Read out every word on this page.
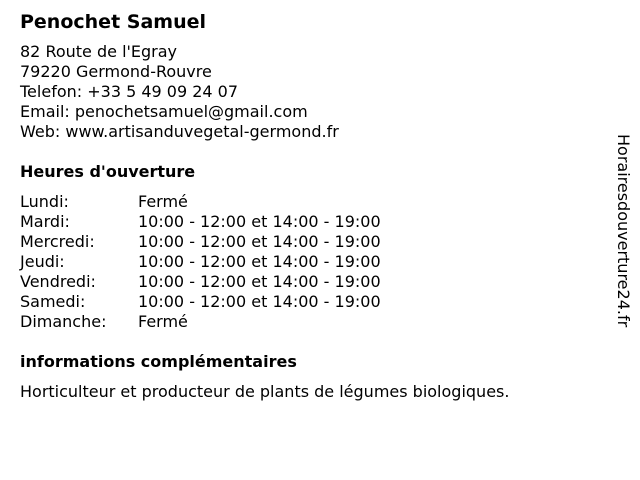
Penochet Samuel
82 Route de l'Egray
79220 Germond-Rouvre
Telefon: +33 5 49 09 24 07
Email: penochetsamuel@gmail.com
Web: www.artisanduvegetal-germond.fr
Heures d'ouverture
Lundi:	Fermé
Mardi:	10:00 - 12:00 et 14:00 - 19:00
Mercredi:	10:00 - 12:00 et 14:00 - 19:00
Jeudi:	10:00 - 12:00 et 14:00 - 19:00
Vendredi:	10:00 - 12:00 et 14:00 - 19:00
Samedi:	10:00 - 12:00 et 14:00 - 19:00
Dimanche:	Fermé
informations complémentaires
Horticulteur et producteur de plants de légumes biologiques.
Horairesdouverture24.fr
